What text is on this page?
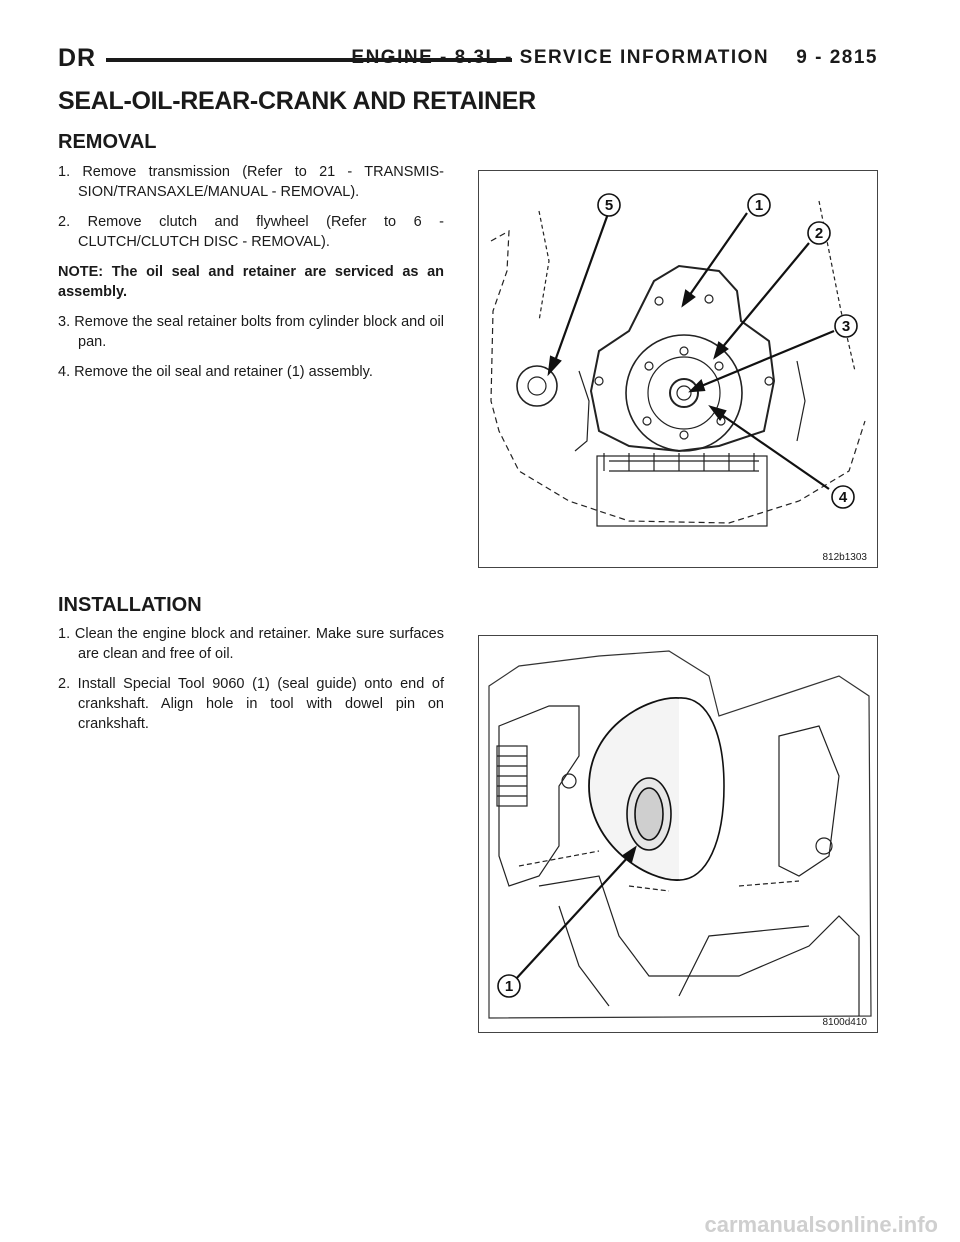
DR	ENGINE - 8.3L - SERVICE INFORMATION    9 - 2815
SEAL-OIL-REAR-CRANK AND RETAINER
REMOVAL

1. Remove transmission (Refer to 21 - TRANSMIS-SION/TRANSAXLE/MANUAL - REMOVAL).

2. Remove clutch and flywheel (Refer to 6 - CLUTCH/CLUTCH DISC - REMOVAL).

NOTE: The oil seal and retainer are serviced as an assembly.

3. Remove the seal retainer bolts from cylinder block and oil pan.

4. Remove the oil seal and retainer (1) assembly.

5	1
2
3
4
812b1303
INSTALLATION

1. Clean the engine block and retainer. Make sure surfaces are clean and free of oil.

2. Install Special Tool 9060 (1) (seal guide) onto end of crankshaft. Align hole in tool with dowel pin on crankshaft.

1
8100d410
carmanualsonline.info
